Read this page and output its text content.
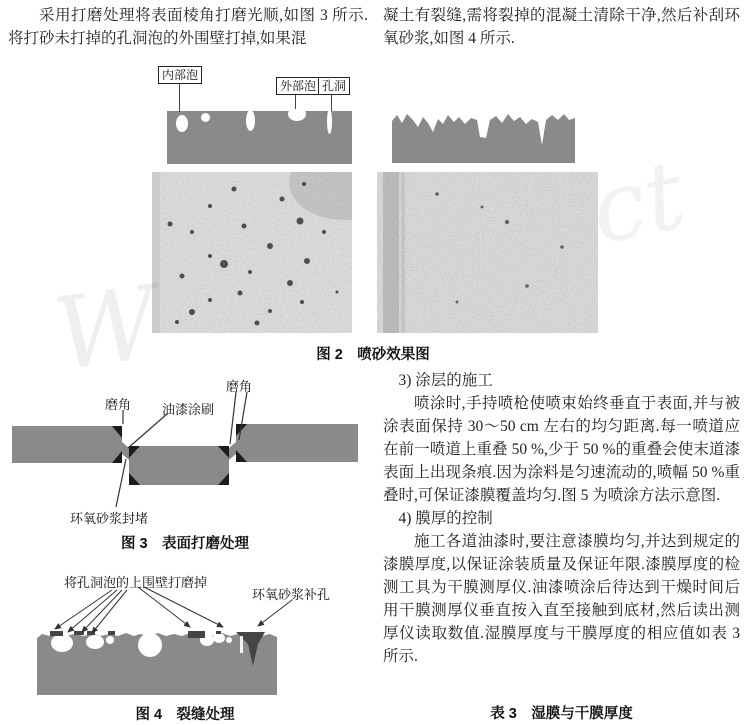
W
ct
采用打磨处理将表面棱角打磨光顺,如图 3 所示.将打砂未打掉的孔洞泡的外围壁打掉,如果混
凝土有裂缝,需将裂掉的混凝土清除干净,然后补刮环氧砂浆,如图 4 所示.
内部泡
外部泡 孔洞
图 2　喷砂效果图
磨角 油漆涂刷
磨角
环氧砂浆封堵
图 3　表面打磨处理
将孔洞泡的上围壁打磨掉
环氧砂浆补孔
图 4　裂缝处理
3) 涂层的施工
喷涂时,手持喷枪使喷束始终垂直于表面,并与被涂表面保持 30～50 cm 左右的均匀距离.每一喷道应在前一喷道上重叠 50 %,少于 50 %的重叠会使末道漆表面上出现条痕.因为涂料是匀速流动的,喷幅 50 %重叠时,可保证漆膜覆盖均匀.图 5 为喷涂方法示意图.
4) 膜厚的控制
施工各道油漆时,要注意漆膜均匀,并达到规定的漆膜厚度,以保证涂装质量及保证年限.漆膜厚度的检测工具为干膜测厚仪.油漆喷涂后待达到干燥时间后用干膜测厚仪垂直按入直至接触到底材,然后读出测厚仪读取数值.湿膜厚度与干膜厚度的相应值如表 3 所示.
表 3　湿膜与干膜厚度
